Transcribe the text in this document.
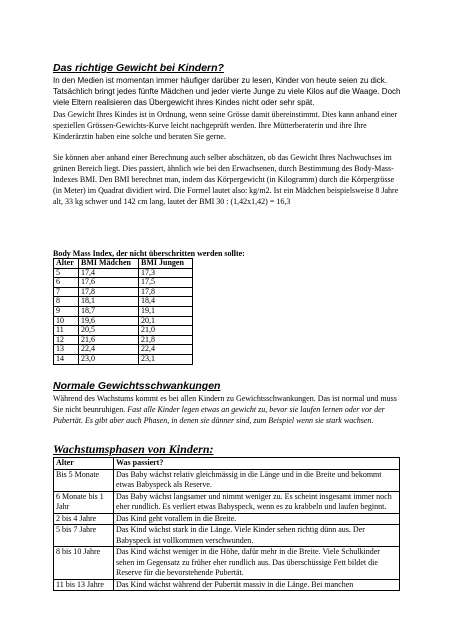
Das richtige Gewicht bei Kindern?
In den Medien ist momentan immer häufiger darüber zu lesen, Kinder von heute seien zu dick. Tatsächlich bringt jedes fünfte Mädchen und jeder vierte Junge zu viele Kilos auf die Waage. Doch viele Eltern realisieren das Übergewicht ihres Kindes nicht oder sehr spät.
Das Gewicht Ihres Kindes ist in Ordnung, wenn seine Grösse damit übereinstimmt. Dies kann anhand einer speziellen Grössen-Gewichts-Kurve leicht nachgeprüft werden. Ihre Mütterberaterin und ihre Ihre Kinderärztin haben eine solche und beraten Sie gerne.
Sie können aber anhand einer Berechnung auch selber abschätzen, ob das Gewicht Ihres Nachwuchses im grünen Bereich liegt. Dies passiert, ähnlich wie bei den Erwachsenen, durch Bestimmung des Body-Mass-Indexes BMI. Den BMI berechnet man, indem das Körpergewicht (in Kilogramm) durch die Körpergrösse (in Meter) im Quadrat dividiert wird. Die Formel lautet also: kg/m2. Ist ein Mädchen beispielsweise 8 Jahre alt, 33 kg schwer und 142 cm lang, lautet der BMI 30 : (1,42x1,42) = 16,3
Body Mass Index, der nicht überschritten werden sollte:
Alter	BMI Mädchen	BMI Jungen
5	17,4	17,3
6	17,6	17,5
7	17,8	17,8
8	18,1	18,4
9	18,7	19,1
10	19,6	20,1
11	20,5	21,0
12	21,6	21,8
13	22,4	22,4
14	23,0	23,1
Normale Gewichtsschwankungen
Während des Wachstums kommt es bei allen Kindern zu Gewichtsschwankungen. Das ist normal und muss Sie nicht beunruhigen. Fast alle Kinder legen etwas an gewicht zu, bevor sie laufen lernen oder vor der Pubertät. Es gibt aber auch Phasen, in denen sie dünner sind, zum Beispiel wenn sie stark wachsen.
Wachstumsphasen von Kindern:
Alter	Was passiert?
Bis 5 Monate	Das Baby wächst relativ gleichmässig in die Länge und in die Breite und bekommt etwas Babyspeck als Reserve.
6 Monate bis 1 Jahr	Das Baby wächst langsamer und nimmt weniger zu. Es scheint insgesamt immer noch eher rundlich. Es verliert etwas Babyspeck, wenn es zu krabbeln und laufen beginnt.
2 bis 4 Jahre	Das Kind geht vorallem in die Breite.
5 bis 7 Jahre	Das Kind wächst stark in die Länge. Viele Kinder sehen richtig dünn aus. Der Babyspeck ist vollkommen verschwunden.
8 bis 10 Jahre	Das Kind wächst weniger in die Höhe, dafür mehr in die Breite. Viele Schulkinder sehen im Gegensatz zu früher eher rundlich aus. Das überschüssige Fett bildet die Reserve für die bevorstehende Pubertät.
11 bis 13 Jahre	Das Kind wächst während der Pubertät massiv in die Länge. Bei manchen
